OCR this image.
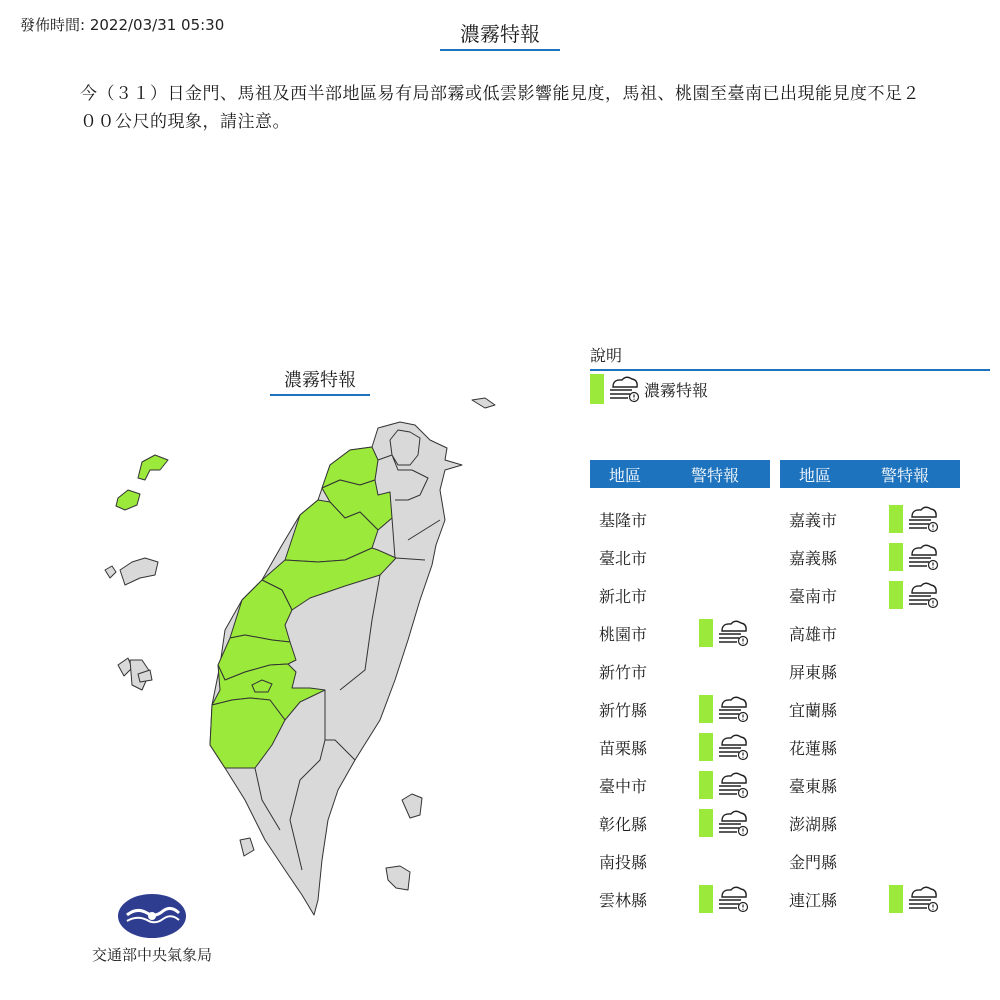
發佈時間: 2022/03/31 05:30	濃霧特報
今（３１）日金門、馬祖及西半部地區易有局部霧或低雲影響能見度，馬祖、桃園至臺南已出現能見度不足２００公尺的現象，請注意。
濃霧特報
交通部中央氣象局
說明
濃霧特報
地區	警特報
基隆市
臺北市
新北市
桃園市
新竹市
新竹縣
苗栗縣
臺中市
彰化縣
南投縣
雲林縣
地區	警特報
嘉義市
嘉義縣
臺南市
高雄市
屏東縣
宜蘭縣
花蓮縣
臺東縣
澎湖縣
金門縣
連江縣
